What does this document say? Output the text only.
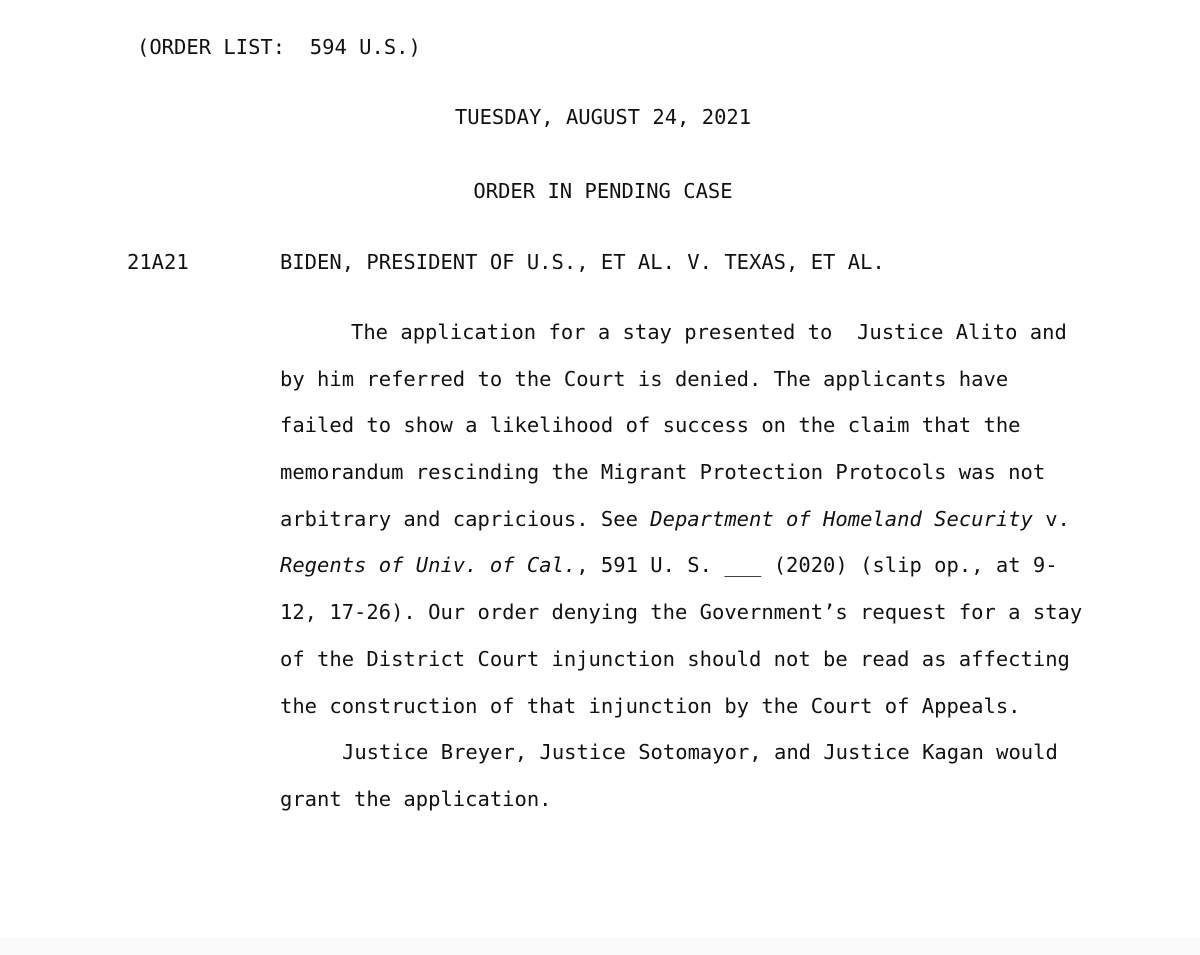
(ORDER LIST:  594 U.S.)
TUESDAY, AUGUST 24, 2021
ORDER IN PENDING CASE
21A21	BIDEN, PRESIDENT OF U.S., ET AL. V. TEXAS, ET AL.
The application for a stay presented to  Justice Alito and
by him referred to the Court is denied. The applicants have
failed to show a likelihood of success on the claim that the
memorandum rescinding the Migrant Protection Protocols was not
arbitrary and capricious. See Department of Homeland Security v.
Regents of Univ. of Cal., 591 U. S. ___ (2020) (slip op., at 9-
12, 17-26). Our order denying the Government’s request for a stay
of the District Court injunction should not be read as affecting
the construction of that injunction by the Court of Appeals.
Justice Breyer, Justice Sotomayor, and Justice Kagan would
grant the application.
